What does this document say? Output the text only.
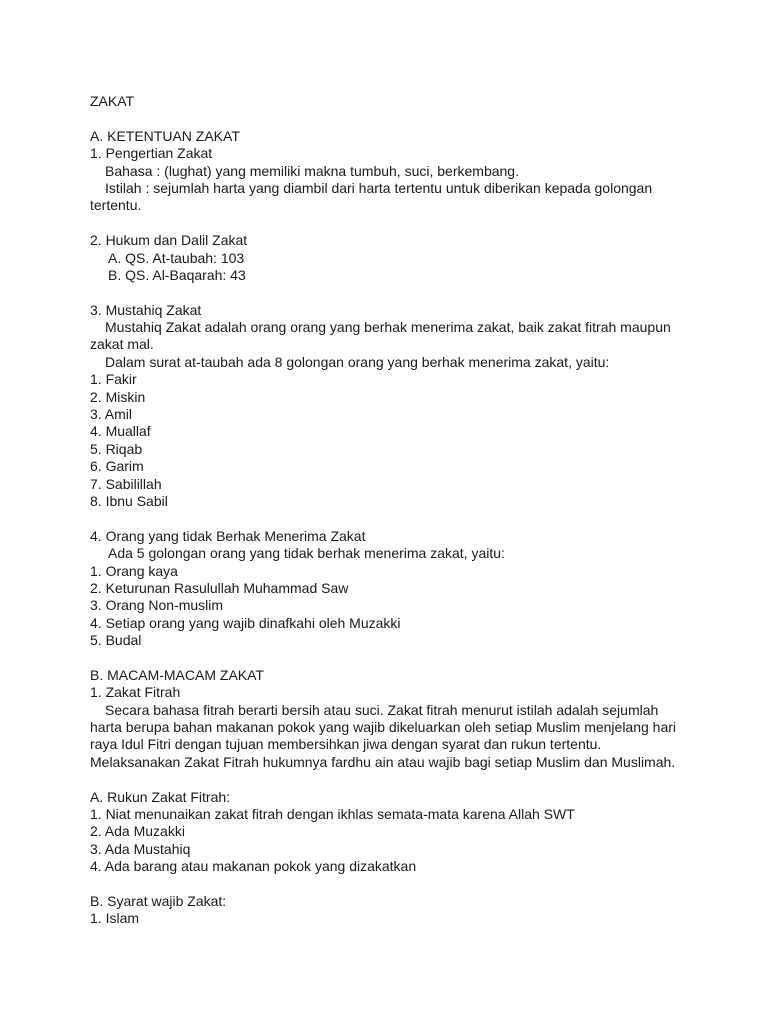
ZAKAT
A. KETENTUAN ZAKAT
1. Pengertian Zakat
Bahasa : (lughat) yang memiliki makna tumbuh, suci, berkembang.
Istilah : sejumlah harta yang diambil dari harta tertentu untuk diberikan kepada golongan
tertentu.
2. Hukum dan Dalil Zakat
A. QS. At-taubah: 103
B. QS. Al-Baqarah: 43
3. Mustahiq Zakat
Mustahiq Zakat adalah orang orang yang berhak menerima zakat, baik zakat fitrah maupun
zakat mal.
Dalam surat at-taubah ada 8 golongan orang yang berhak menerima zakat, yaitu:
1. Fakir
2. Miskin
3. Amil
4. Muallaf
5. Riqab
6. Garim
7. Sabilillah
8. Ibnu Sabil
4. Orang yang tidak Berhak Menerima Zakat
Ada 5 golongan orang yang tidak berhak menerima zakat, yaitu:
1. Orang kaya
2. Keturunan Rasulullah Muhammad Saw
3. Orang Non-muslim
4. Setiap orang yang wajib dinafkahi oleh Muzakki
5. Budal
B. MACAM-MACAM ZAKAT
1. Zakat Fitrah
Secara bahasa fitrah berarti bersih atau suci. Zakat fitrah menurut istilah adalah sejumlah
harta berupa bahan makanan pokok yang wajib dikeluarkan oleh setiap Muslim menjelang hari
raya Idul Fitri dengan tujuan membersihkan jiwa dengan syarat dan rukun tertentu.
Melaksanakan Zakat Fitrah hukumnya fardhu ain atau wajib bagi setiap Muslim dan Muslimah.
A. Rukun Zakat Fitrah:
1. Niat menunaikan zakat fitrah dengan ikhlas semata-mata karena Allah SWT
2. Ada Muzakki
3. Ada Mustahiq
4. Ada barang atau makanan pokok yang dizakatkan
B. Syarat wajib Zakat:
1. Islam
